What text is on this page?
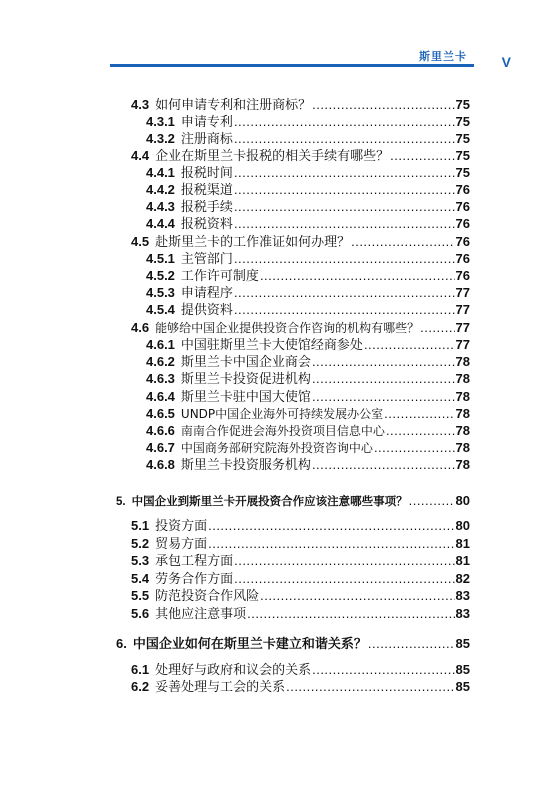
斯里兰卡 V
4.3 如何申请专利和注册商标？ .....	75
4.3.1 申请专利 .....	75
4.3.2 注册商标 .....	75
4.4 企业在斯里兰卡报税的相关手续有哪些？ .....	75
4.4.1 报税时间 .....	75
4.4.2 报税渠道 .....	76
4.4.3 报税手续 .....	76
4.4.4 报税资料 .....	76
4.5 赴斯里兰卡的工作准证如何办理？ .....	76
4.5.1 主管部门 .....	76
4.5.2 工作许可制度 .....	76
4.5.3 申请程序 .....	77
4.5.4 提供资料 .....	77
4.6 能够给中国企业提供投资合作咨询的机构有哪些？ .....	77
4.6.1 中国驻斯里兰卡大使馆经商参处 .....	77
4.6.2 斯里兰卡中国企业商会 .....	78
4.6.3 斯里兰卡投资促进机构 .....	78
4.6.4 斯里兰卡驻中国大使馆 .....	78
4.6.5 UNDP中国企业海外可持续发展办公室 .....	78
4.6.6 南南合作促进会海外投资项目信息中心 .....	78
4.6.7 中国商务部研究院海外投资咨询中心 .....	78
4.6.8 斯里兰卡投资服务机构 .....	78
5. 中国企业到斯里兰卡开展投资合作应该注意哪些事项？ .....	80
5.1 投资方面 .....	80
5.2 贸易方面 .....	81
5.3 承包工程方面 .....	81
5.4 劳务合作方面 .....	82
5.5 防范投资合作风险 .....	83
5.6 其他应注意事项 .....	83
6. 中国企业如何在斯里兰卡建立和谐关系？ .....	85
6.1 处理好与政府和议会的关系 .....	85
6.2 妥善处理与工会的关系 .....	85
